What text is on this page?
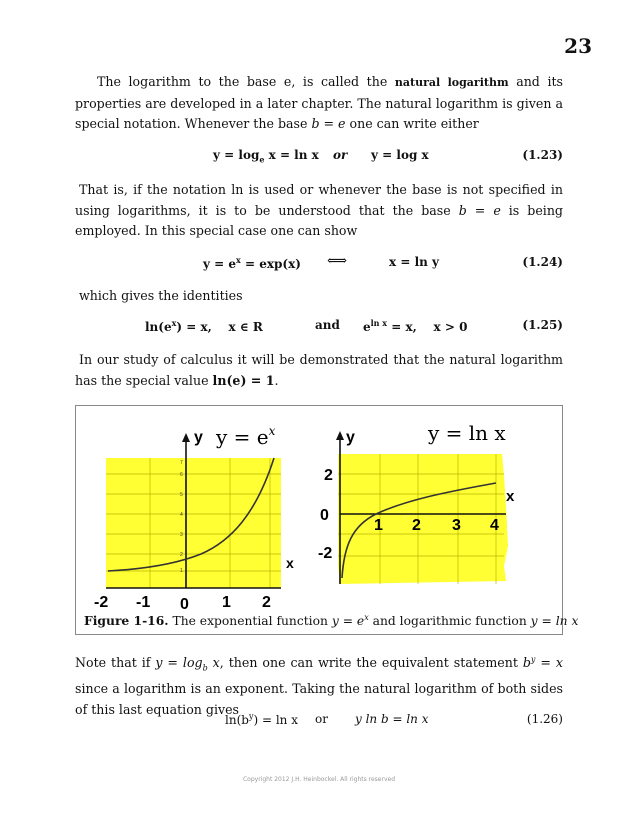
23
The logarithm to the base e, is called the natural logarithm and its properties are developed in a later chapter. The natural logarithm is given a special notation. Whenever the base b = e one can write either
$y = \log_e x = \ln x$ or y = log x	(1.23)
That is, if the notation ln is used or whenever the base is not specified in using logarithms, it is to be understood that the base b = e is being employed. In this special case one can show
$y = e^x = \exp(x)$ ⟺	x = ln y	(1.24)
which gives the identities
$\ln(e^x) = x$,    x ∈ R	and $e^{ln x} = x$,    x > 0	(1.25)
In our study of calculus it will be demonstrated that the natural logarithm has the special value ln(e) = 1.
y $y = e^x$
x
-2 -1 0 1 2
7
6
5
4
3
2
1
y	y = ln x
x
1 2 3 4
2
0
-2
Figure 1-16. The exponential function $y = e^x$ and logarithmic function y = ln x
Note that if $y = \log_b x$, then one can write the equivalent statement $b^y = x$ since a logarithm is an exponent. Taking the natural logarithm of both sides of this last equation gives
$\ln(b^y) = \ln x$ or y ln b = ln x	(1.26)
Copyright 2012 J.H. Heinbockel. All rights reserved
